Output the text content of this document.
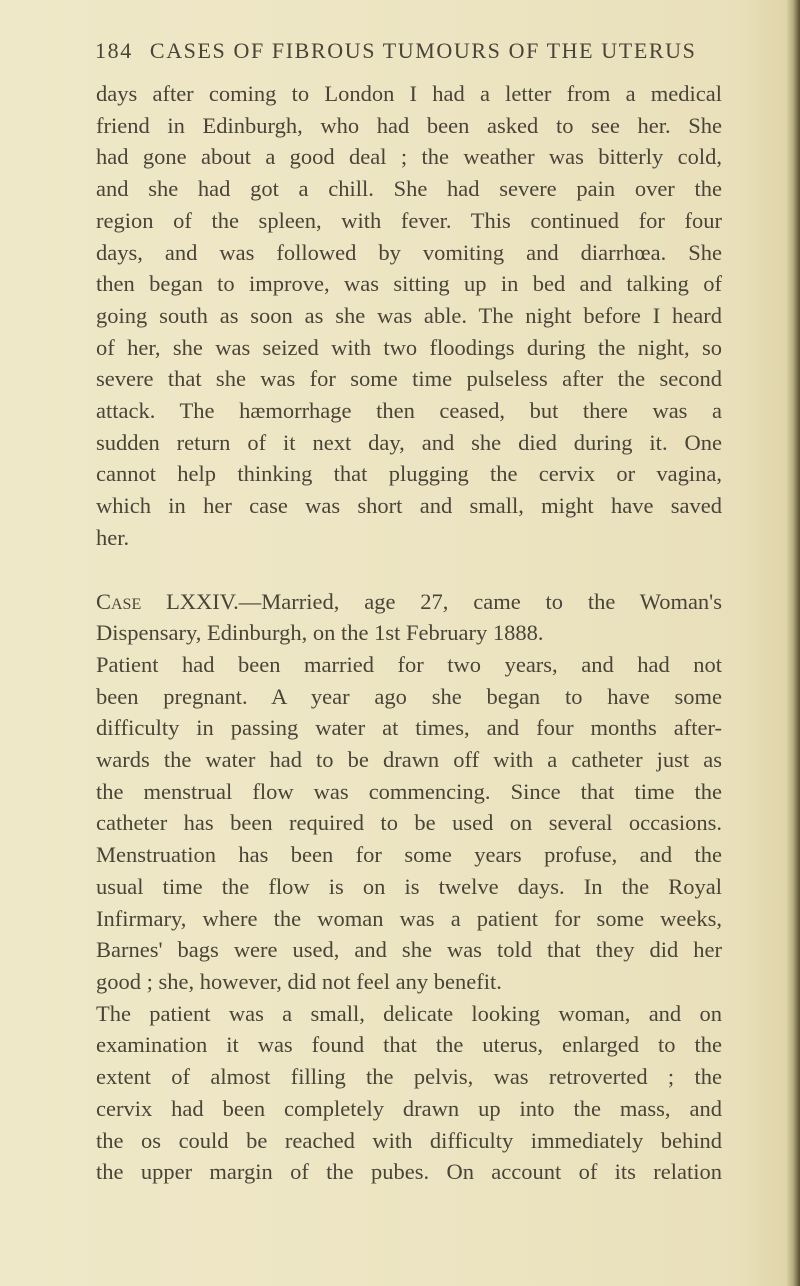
184 CASES OF FIBROUS TUMOURS OF THE UTERUS
days after coming to London I had a letter from a medical
friend in Edinburgh, who had been asked to see her. She
had gone about a good deal ; the weather was bitterly cold,
and she had got a chill. She had severe pain over the
region of the spleen, with fever. This continued for four
days, and was followed by vomiting and diarrhœa. She
then began to improve, was sitting up in bed and talking of
going south as soon as she was able. The night before I heard
of her, she was seized with two floodings during the night, so
severe that she was for some time pulseless after the second
attack. The hæmorrhage then ceased, but there was a
sudden return of it next day, and she died during it. One
cannot help thinking that plugging the cervix or vagina,
which in her case was short and small, might have saved
her.
Case LXXIV.—Married, age 27, came to the Woman's
Dispensary, Edinburgh, on the 1st February 1888.
Patient had been married for two years, and had not
been pregnant. A year ago she began to have some
difficulty in passing water at times, and four months after-
wards the water had to be drawn off with a catheter just as
the menstrual flow was commencing. Since that time the
catheter has been required to be used on several occasions.
Menstruation has been for some years profuse, and the
usual time the flow is on is twelve days. In the Royal
Infirmary, where the woman was a patient for some weeks,
Barnes' bags were used, and she was told that they did her
good ; she, however, did not feel any benefit.
The patient was a small, delicate looking woman, and on
examination it was found that the uterus, enlarged to the
extent of almost filling the pelvis, was retroverted ; the
cervix had been completely drawn up into the mass, and
the os could be reached with difficulty immediately behind
the upper margin of the pubes. On account of its relation
